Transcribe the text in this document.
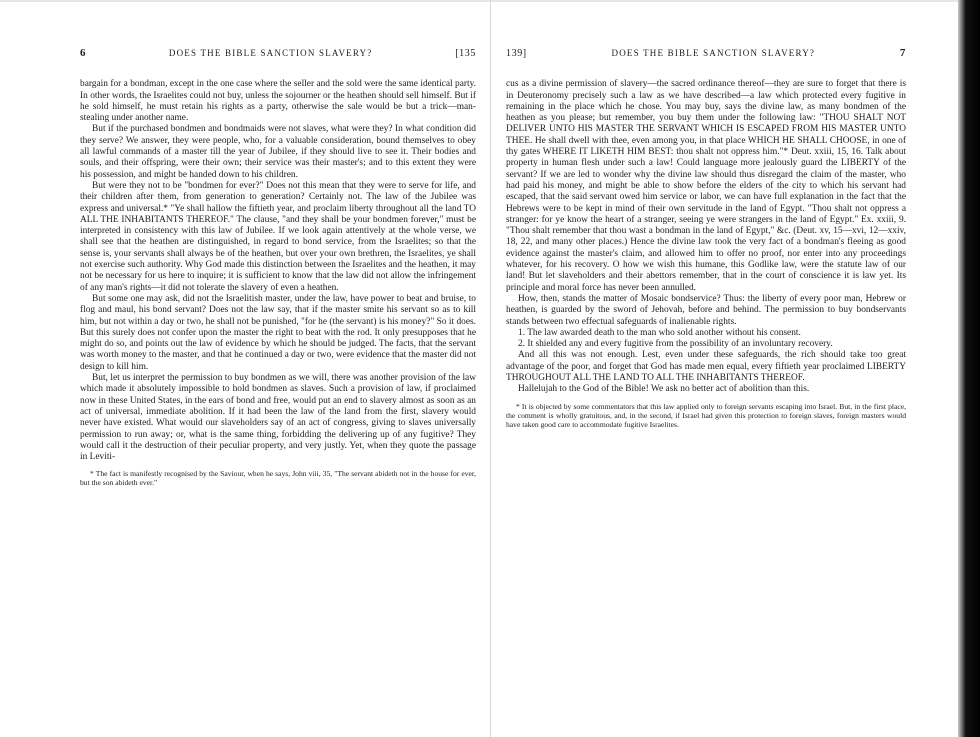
6	DOES THE BIBLE SANCTION SLAVERY?	[135

bargain for a bondman, except in the one case where the seller and the sold were the same identical party. In other words, the Israelites could not buy, unless the sojourner or the heathen should sell himself. But if he sold himself, he must retain his rights as a party, otherwise the sale would be but a trick—man-stealing under another name.

But if the purchased bondmen and bondmaids were not slaves, what were they? In what condition did they serve? We answer, they were people, who, for a valuable consideration, bound themselves to obey all lawful commands of a master till the year of Jubilee, if they should live to see it. Their bodies and souls, and their offspring, were their own; their service was their master's; and to this extent they were his possession, and might be handed down to his children.

But were they not to be "bondmen for ever?" Does not this mean that they were to serve for life, and their children after them, from generation to generation? Certainly not. The law of the Jubilee was express and universal.* "Ye shall hallow the fiftieth year, and proclaim liberty throughout all the land TO ALL THE INHABITANTS THEREOF." The clause, "and they shall be your bondmen forever," must be interpreted in consistency with this law of Jubilee. If we look again attentively at the whole verse, we shall see that the heathen are distinguished, in regard to bond service, from the Israelites; so that the sense is, your servants shall always be of the heathen, but over your own brethren, the Israelites, ye shall not exercise such authority. Why God made this distinction between the Israelites and the heathen, it may not be necessary for us here to inquire; it is sufficient to know that the law did not allow the infringement of any man's rights—it did not tolerate the slavery of even a heathen.

But some one may ask, did not the Israelitish master, under the law, have power to beat and bruise, to flog and maul, his bond servant? Does not the law say, that if the master smite his servant so as to kill him, but not within a day or two, he shall not be punished, "for he (the servant) is his money?" So it does. But this surely does not confer upon the master the right to beat with the rod. It only presupposes that he might do so, and points out the law of evidence by which he should be judged. The facts, that the servant was worth money to the master, and that he continued a day or two, were evidence that the master did not design to kill him.

But, let us interpret the permission to buy bondmen as we will, there was another provision of the law which made it absolutely impossible to hold bondmen as slaves. Such a provision of law, if proclaimed now in these United States, in the ears of bond and free, would put an end to slavery almost as soon as an act of universal, immediate abolition. If it had been the law of the land from the first, slavery would never have existed. What would our slaveholders say of an act of congress, giving to slaves universally permission to run away; or, what is the same thing, forbidding the delivering up of any fugitive? They would call it the destruction of their peculiar property, and very justly. Yet, when they quote the passage in Leviti-

* The fact is manifestly recognised by the Saviour, when he says, John viii, 35, "The servant abideth not in the house for ever, but the son abideth ever."
139]	DOES THE BIBLE SANCTION SLAVERY?	7

cus as a divine permission of slavery—the sacred ordinance thereof—they are sure to forget that there is in Deuteronomy precisely such a law as we have described—a law which protected every fugitive in remaining in the place which he chose. You may buy, says the divine law, as many bondmen of the heathen as you please; but remember, you buy them under the following law: "THOU SHALT NOT DELIVER UNTO HIS MASTER THE SERVANT WHICH IS ESCAPED FROM HIS MASTER UNTO THEE. He shall dwell with thee, even among you, in that place WHICH HE SHALL CHOOSE, in one of thy gates WHERE IT LIKETH HIM BEST: thou shalt not oppress him."* Deut. xxiii, 15, 16. Talk about property in human flesh under such a law! Could language more jealously guard the LIBERTY of the servant? If we are led to wonder why the divine law should thus disregard the claim of the master, who had paid his money, and might be able to show before the elders of the city to which his servant had escaped, that the said servant owed him service or labor, we can have full explanation in the fact that the Hebrews were to be kept in mind of their own servitude in the land of Egypt. "Thou shalt not oppress a stranger: for ye know the heart of a stranger, seeing ye were strangers in the land of Egypt." Ex. xxiii, 9. "Thou shalt remember that thou wast a bondman in the land of Egypt," &c. (Deut. xv, 15—xvi, 12—xxiv, 18, 22, and many other places.) Hence the divine law took the very fact of a bondman's fleeing as good evidence against the master's claim, and allowed him to offer no proof, nor enter into any proceedings whatever, for his recovery. O how we wish this humane, this Godlike law, were the statute law of our land! But let slaveholders and their abettors remember, that in the court of conscience it is law yet. Its principle and moral force has never been annulled.

How, then, stands the matter of Mosaic bondservice? Thus: the liberty of every poor man, Hebrew or heathen, is guarded by the sword of Jehovah, before and behind. The permission to buy bondservants stands between two effectual safeguards of inalienable rights.

1. The law awarded death to the man who sold another without his consent.

2. It shielded any and every fugitive from the possibility of an involuntary recovery.

And all this was not enough. Lest, even under these safeguards, the rich should take too great advantage of the poor, and forget that God has made men equal, every fiftieth year proclaimed LIBERTY THROUGHOUT ALL THE LAND TO ALL THE INHABITANTS THEREOF.

Hallelujah to the God of the Bible! We ask no better act of abolition than this.

* It is objected by some commentators that this law applied only to foreign servants escaping into Israel. But, in the first place, the comment is wholly gratuitous, and, in the second, if Israel had given this protection to foreign slaves, foreign masters would have taken good care to accommodate fugitive Israelites.
